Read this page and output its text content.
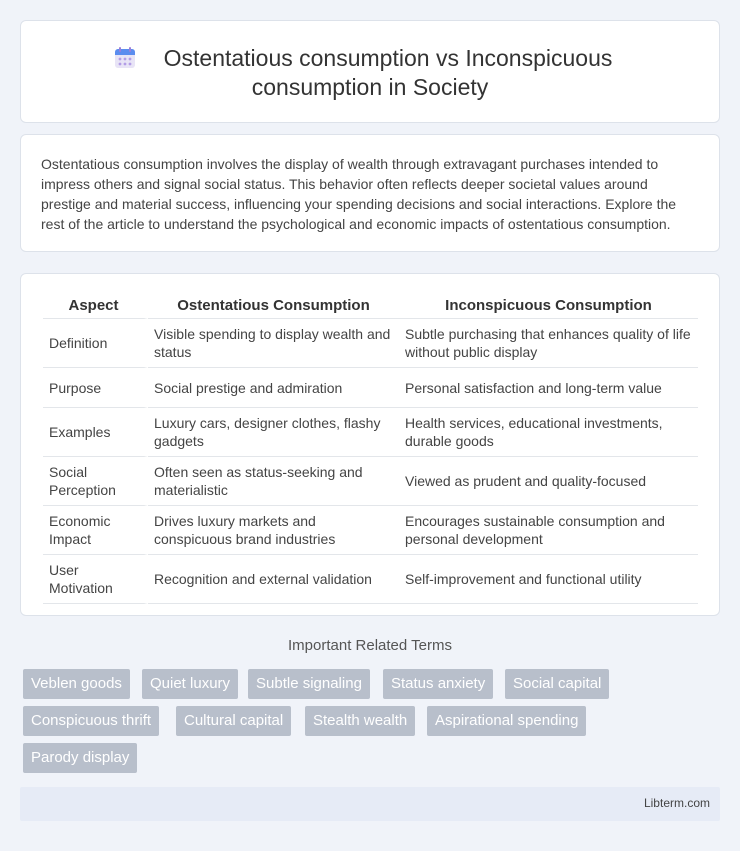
Ostentatious consumption vs Inconspicuous
consumption in Society

Ostentatious consumption involves the display of wealth through extravagant purchases intended to impress others and signal social status. This behavior often reflects deeper societal values around prestige and material success, influencing your spending decisions and social interactions. Explore the rest of the article to understand the psychological and economic impacts of ostentatious consumption.

Aspect	Ostentatious Consumption	Inconspicuous Consumption
Definition	Visible spending to display wealth and status	Subtle purchasing that enhances quality of life without public display
Purpose	Social prestige and admiration	Personal satisfaction and long-term value
Examples	Luxury cars, designer clothes, flashy gadgets	Health services, educational investments, durable goods
Social Perception	Often seen as status-seeking and materialistic	Viewed as prudent and quality-focused
Economic Impact	Drives luxury markets and conspicuous brand industries	Encourages sustainable consumption and personal development
User Motivation	Recognition and external validation	Self-improvement and functional utility
Important Related Terms
Veblen goods	Quiet luxury	Subtle signaling	Status anxiety	Social capital
Conspicuous thrift	Cultural capital	Stealth wealth	Aspirational spending
Parody display
Libterm.com
